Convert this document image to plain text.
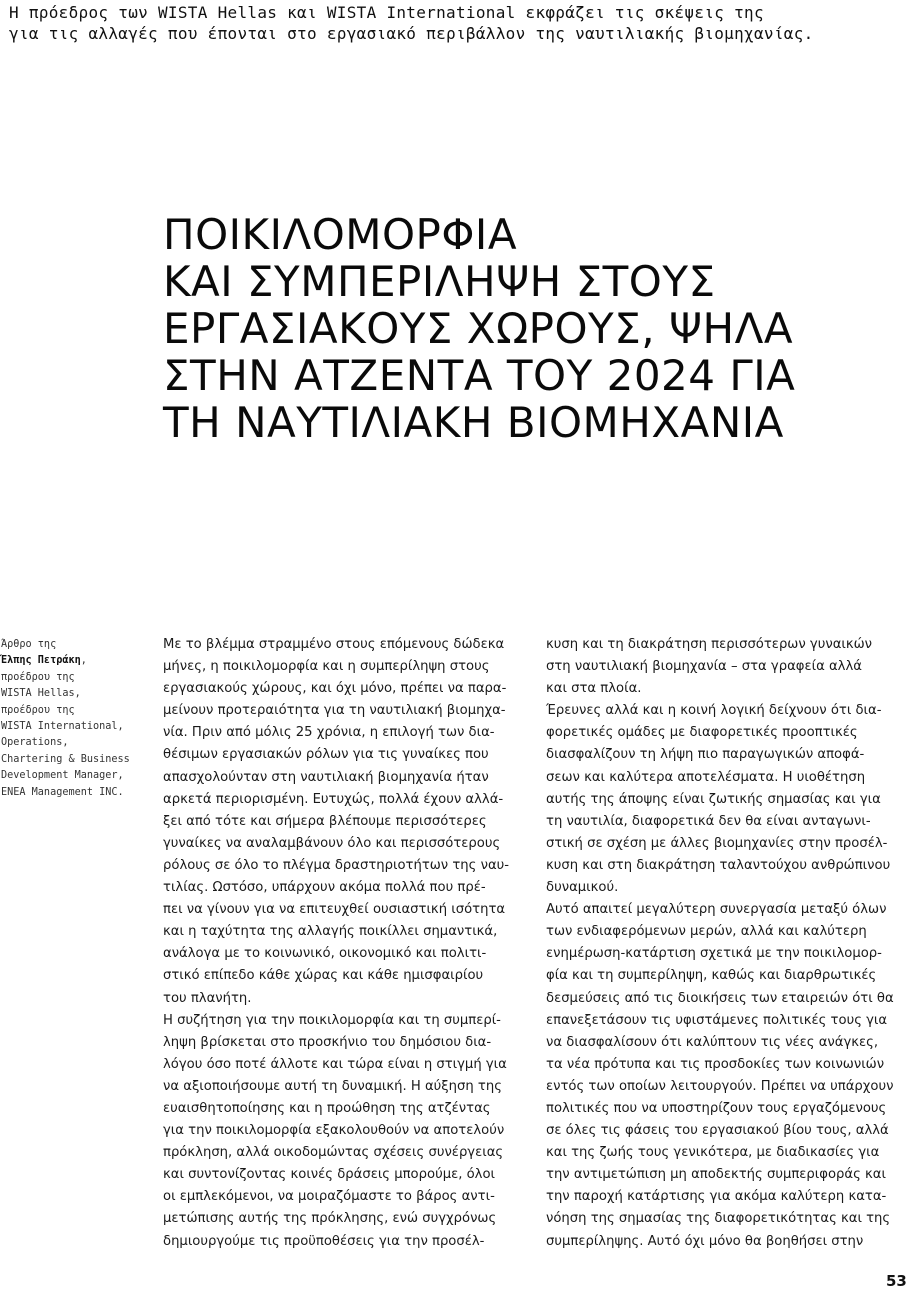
Η πρόεδρος των WISTA Hellas και WISTA International εκφράζει τις σκέψεις της
για τις αλλαγές που έπονται στο εργασιακό περιβάλλον της ναυτιλιακής βιομηχανίας.
ΠΟΙΚΙΛΟΜΟΡΦΙΑ
ΚΑΙ ΣΥΜΠΕΡΙΛΗΨΗ ΣΤΟΥΣ
ΕΡΓΑΣΙΑΚΟΥΣ ΧΩΡΟΥΣ, ΨΗΛΑ
ΣΤΗΝ ΑΤΖΕΝΤΑ ΤΟΥ 2024 ΓΙΑ
ΤΗ ΝΑΥΤΙΛΙΑΚΗ ΒΙΟΜΗΧΑΝΙΑ
Άρθρο της
Έλπης Πετράκη,
προέδρου της
WISTA Hellas,
προέδρου της
WISTA International,
Operations,
Chartering & Business
Development Manager,
ENEA Management INC.
Με το βλέμμα στραμμένο στους επόμενους δώδεκα
μήνες, η ποικιλομορφία και η συμπερίληψη στους
εργασιακούς χώρους, και όχι μόνο, πρέπει να παρα-
μείνουν προτεραιότητα για τη ναυτιλιακή βιομηχα-
νία. Πριν από μόλις 25 χρόνια, η επιλογή των δια-
θέσιμων εργασιακών ρόλων για τις γυναίκες που
απασχολούνταν στη ναυτιλιακή βιομηχανία ήταν
αρκετά περιορισμένη. Ευτυχώς, πολλά έχουν αλλά-
ξει από τότε και σήμερα βλέπουμε περισσότερες
γυναίκες να αναλαμβάνουν όλο και περισσότερους
ρόλους σε όλο το πλέγμα δραστηριοτήτων της ναυ-
τιλίας. Ωστόσο, υπάρχουν ακόμα πολλά που πρέ-
πει να γίνουν για να επιτευχθεί ουσιαστική ισότητα
και η ταχύτητα της αλλαγής ποικίλλει σημαντικά,
ανάλογα με το κοινωνικό, οικονομικό και πολιτι-
στικό επίπεδο κάθε χώρας και κάθε ημισφαιρίου
του πλανήτη.
Η συζήτηση για την ποικιλομορφία και τη συμπερί-
ληψη βρίσκεται στο προσκήνιο του δημόσιου δια-
λόγου όσο ποτέ άλλοτε και τώρα είναι η στιγμή για
να αξιοποιήσουμε αυτή τη δυναμική. Η αύξηση της
ευαισθητοποίησης και η προώθηση της ατζέντας
για την ποικιλομορφία εξακολουθούν να αποτελούν
πρόκληση, αλλά οικοδομώντας σχέσεις συνέργειας
και συντονίζοντας κοινές δράσεις μπορούμε, όλοι
οι εμπλεκόμενοι, να μοιραζόμαστε το βάρος αντι-
μετώπισης αυτής της πρόκλησης, ενώ συγχρόνως
δημιουργούμε τις προϋποθέσεις για την προσέλ-
κυση και τη διακράτηση περισσότερων γυναικών
στη ναυτιλιακή βιομηχανία – στα γραφεία αλλά
και στα πλοία.
Έρευνες αλλά και η κοινή λογική δείχνουν ότι δια-
φορετικές ομάδες με διαφορετικές προοπτικές
διασφαλίζουν τη λήψη πιο παραγωγικών αποφά-
σεων και καλύτερα αποτελέσματα. Η υιοθέτηση
αυτής της άποψης είναι ζωτικής σημασίας και για
τη ναυτιλία, διαφορετικά δεν θα είναι ανταγωνι-
στική σε σχέση με άλλες βιομηχανίες στην προσέλ-
κυση και στη διακράτηση ταλαντούχου ανθρώπινου
δυναμικού.
Αυτό απαιτεί μεγαλύτερη συνεργασία μεταξύ όλων
των ενδιαφερόμενων μερών, αλλά και καλύτερη
ενημέρωση-κατάρτιση σχετικά με την ποικιλομορ-
φία και τη συμπερίληψη, καθώς και διαρθρωτικές
δεσμεύσεις από τις διοικήσεις των εταιρειών ότι θα
επανεξετάσουν τις υφιστάμενες πολιτικές τους για
να διασφαλίσουν ότι καλύπτουν τις νέες ανάγκες,
τα νέα πρότυπα και τις προσδοκίες των κοινωνιών
εντός των οποίων λειτουργούν. Πρέπει να υπάρχουν
πολιτικές που να υποστηρίζουν τους εργαζόμενους
σε όλες τις φάσεις του εργασιακού βίου τους, αλλά
και της ζωής τους γενικότερα, με διαδικασίες για
την αντιμετώπιση μη αποδεκτής συμπεριφοράς και
την παροχή κατάρτισης για ακόμα καλύτερη κατα-
νόηση της σημασίας της διαφορετικότητας και της
συμπερίληψης. Αυτό όχι μόνο θα βοηθήσει στην
53
